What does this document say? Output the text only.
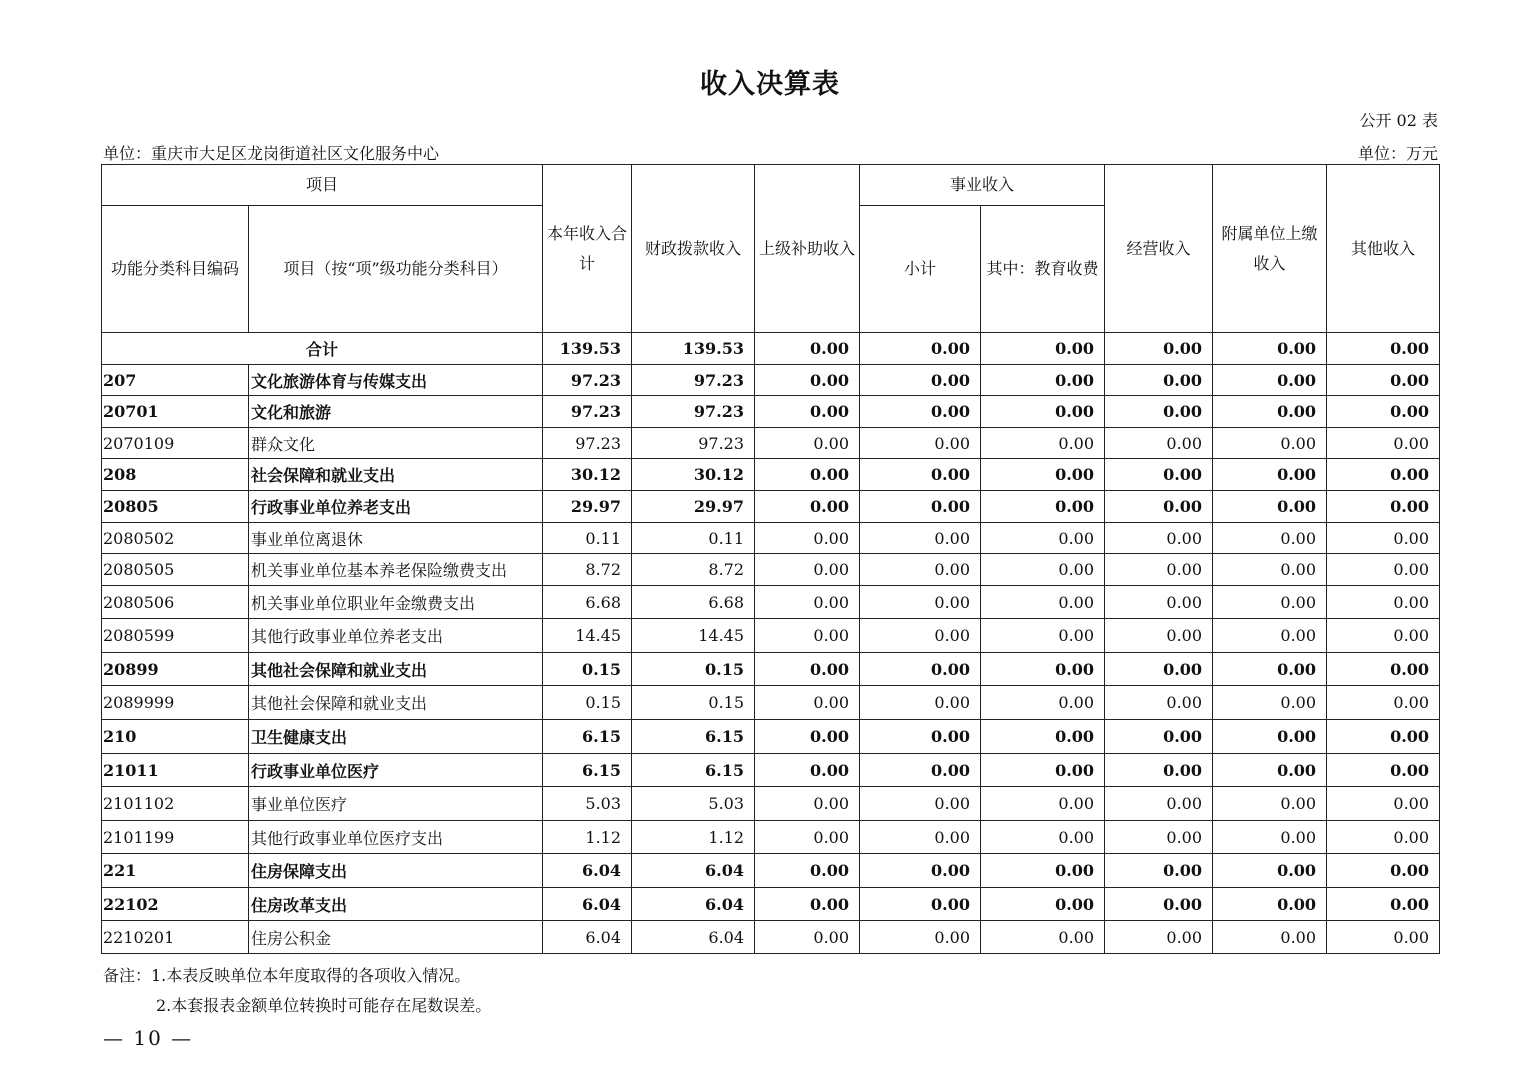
收入决算表
公开 02 表
单位：重庆市大足区龙岗街道社区文化服务中心	单位：万元
项目		本年收入合计	财政拨款收入	上级补助收入	事业收入		经营收入	附属单位上缴收入	其他收入
功能分类科目编码	项目（按“项”级功能分类科目）				小计	其中：教育收费			
合计		139.53	139.53	0.00	0.00	0.00	0.00	0.00	0.00
207	文化旅游体育与传媒支出	97.23	97.23	0.00	0.00	0.00	0.00	0.00	0.00
20701	文化和旅游	97.23	97.23	0.00	0.00	0.00	0.00	0.00	0.00
2070109	群众文化	97.23	97.23	0.00	0.00	0.00	0.00	0.00	0.00
208	社会保障和就业支出	30.12	30.12	0.00	0.00	0.00	0.00	0.00	0.00
20805	行政事业单位养老支出	29.97	29.97	0.00	0.00	0.00	0.00	0.00	0.00
2080502	事业单位离退休	0.11	0.11	0.00	0.00	0.00	0.00	0.00	0.00
2080505	机关事业单位基本养老保险缴费支出	8.72	8.72	0.00	0.00	0.00	0.00	0.00	0.00
2080506	机关事业单位职业年金缴费支出	6.68	6.68	0.00	0.00	0.00	0.00	0.00	0.00
2080599	其他行政事业单位养老支出	14.45	14.45	0.00	0.00	0.00	0.00	0.00	0.00
20899	其他社会保障和就业支出	0.15	0.15	0.00	0.00	0.00	0.00	0.00	0.00
2089999	其他社会保障和就业支出	0.15	0.15	0.00	0.00	0.00	0.00	0.00	0.00
210	卫生健康支出	6.15	6.15	0.00	0.00	0.00	0.00	0.00	0.00
21011	行政事业单位医疗	6.15	6.15	0.00	0.00	0.00	0.00	0.00	0.00
2101102	事业单位医疗	5.03	5.03	0.00	0.00	0.00	0.00	0.00	0.00
2101199	其他行政事业单位医疗支出	1.12	1.12	0.00	0.00	0.00	0.00	0.00	0.00
221	住房保障支出	6.04	6.04	0.00	0.00	0.00	0.00	0.00	0.00
22102	住房改革支出	6.04	6.04	0.00	0.00	0.00	0.00	0.00	0.00
2210201	住房公积金	6.04	6.04	0.00	0.00	0.00	0.00	0.00	0.00
备注：1.本表反映单位本年度取得的各项收入情况。
2.本套报表金额单位转换时可能存在尾数误差。
— 10 —
